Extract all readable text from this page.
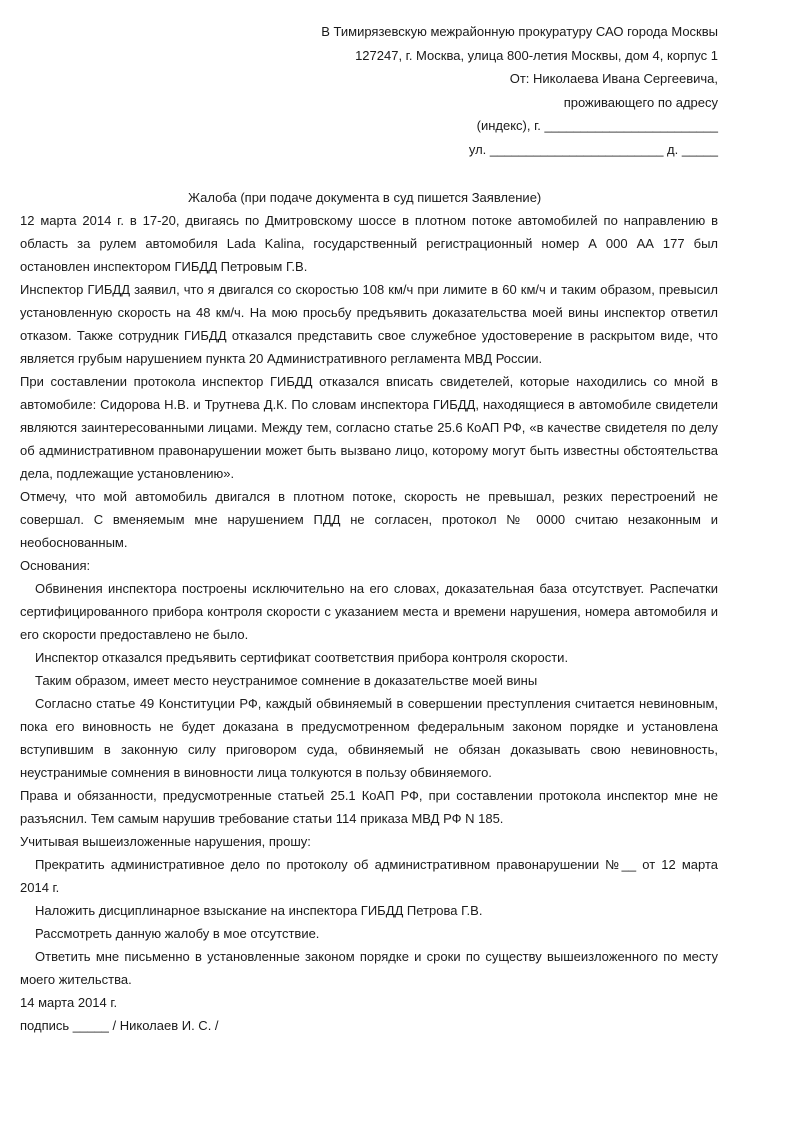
В Тимирязевскую межрайонную прокуратуру САО города Москвы
127247, г. Москва, улица 800-летия Москвы, дом 4, корпус 1
От: Николаева Ивана Сергеевича,
проживающего по адресу
(индекс), г. ________________________
ул. ________________________ д. _____
Жалоба (при подаче документа в суд пишется Заявление)

12 марта 2014 г. в 17-20, двигаясь по Дмитровскому шоссе в плотном потоке автомобилей по направлению в область за рулем автомобиля Lada Kalina, государственный регистрационный номер А 000 АА 177 был остановлен инспектором ГИБДД Петровым Г.В.

Инспектор ГИБДД заявил, что я двигался со скоростью 108 км/ч при лимите в 60 км/ч и таким образом, превысил установленную скорость на 48 км/ч. На мою просьбу предъявить доказательства моей вины инспектор ответил отказом. Также сотрудник ГИБДД отказался представить свое служебное удостоверение в раскрытом виде, что является грубым нарушением пункта 20 Административного регламента МВД России.

При составлении протокола инспектор ГИБДД отказался вписать свидетелей, которые находились со мной в автомобиле: Сидорова Н.В. и Трутнева Д.К. По словам инспектора ГИБДД, находящиеся в автомобиле свидетели являются заинтересованными лицами. Между тем, согласно статье 25.6 КоАП РФ, «в качестве свидетеля по делу об административном правонарушении может быть вызвано лицо, которому могут быть известны обстоятельства дела, подлежащие установлению».

Отмечу, что мой автомобиль двигался в плотном потоке, скорость не превышал, резких перестроений не совершал. С вменяемым мне нарушением ПДД не согласен, протокол № 0000 считаю незаконным и необоснованным.

Основания:

Обвинения инспектора построены исключительно на его словах, доказательная база отсутствует. Распечатки сертифицированного прибора контроля скорости с указанием места и времени нарушения, номера автомобиля и его скорости предоставлено не было.

Инспектор отказался предъявить сертификат соответствия прибора контроля скорости.

Таким образом, имеет место неустранимое сомнение в доказательстве моей вины

Согласно статье 49 Конституции РФ, каждый обвиняемый в совершении преступления считается невиновным, пока его виновность не будет доказана в предусмотренном федеральным законом порядке и установлена вступившим в законную силу приговором суда, обвиняемый не обязан доказывать свою невиновность, неустранимые сомнения в виновности лица толкуются в пользу обвиняемого.

Права и обязанности, предусмотренные статьей 25.1 КоАП РФ, при составлении протокола инспектор мне не разъяснил. Тем самым нарушив требование статьи 114 приказа МВД РФ N 185.

Учитывая вышеизложенные нарушения, прошу:

Прекратить административное дело по протоколу об административном правонарушении №__ от 12 марта 2014 г.

Наложить дисциплинарное взыскание на инспектора ГИБДД Петрова Г.В.

Рассмотреть данную жалобу в мое отсутствие.

Ответить мне письменно в установленные законом порядке и сроки по существу вышеизложенного по месту моего жительства.

14 марта 2014 г.

подпись _____ / Николаев И. С. /
